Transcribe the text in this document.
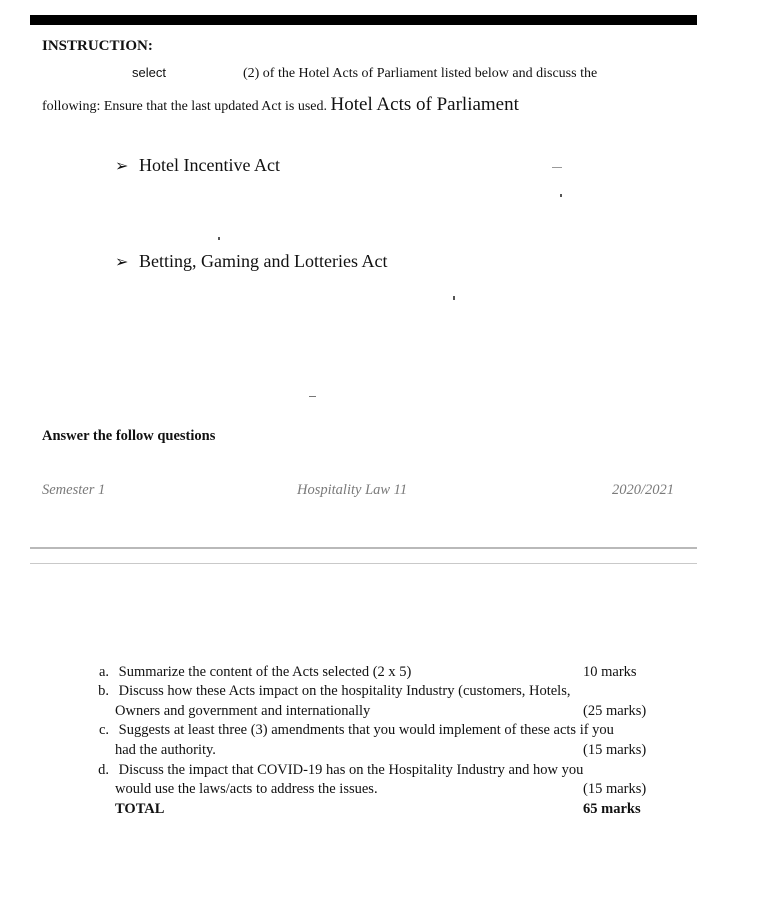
INSTRUCTION:
select	(2) of the Hotel Acts of Parliament listed below and discuss the
following: Ensure that the last updated Act is used. Hotel Acts of Parliament
➢ Hotel Incentive Act
➢ Betting, Gaming and Lotteries Act
Answer the follow questions
Semester 1	Hospitality Law 11	2020/2021
a. Summarize the content of the Acts selected (2 x 5)	10 marks
b. Discuss how these Acts impact on the hospitality Industry (customers, Hotels,
Owners and government and internationally	(25 marks)
c. Suggests at least three (3) amendments that you would implement of these acts if you
had the authority.	(15 marks)
d. Discuss the impact that COVID-19 has on the Hospitality Industry and how you
would use the laws/acts to address the issues.	(15 marks)
TOTAL	65 marks
